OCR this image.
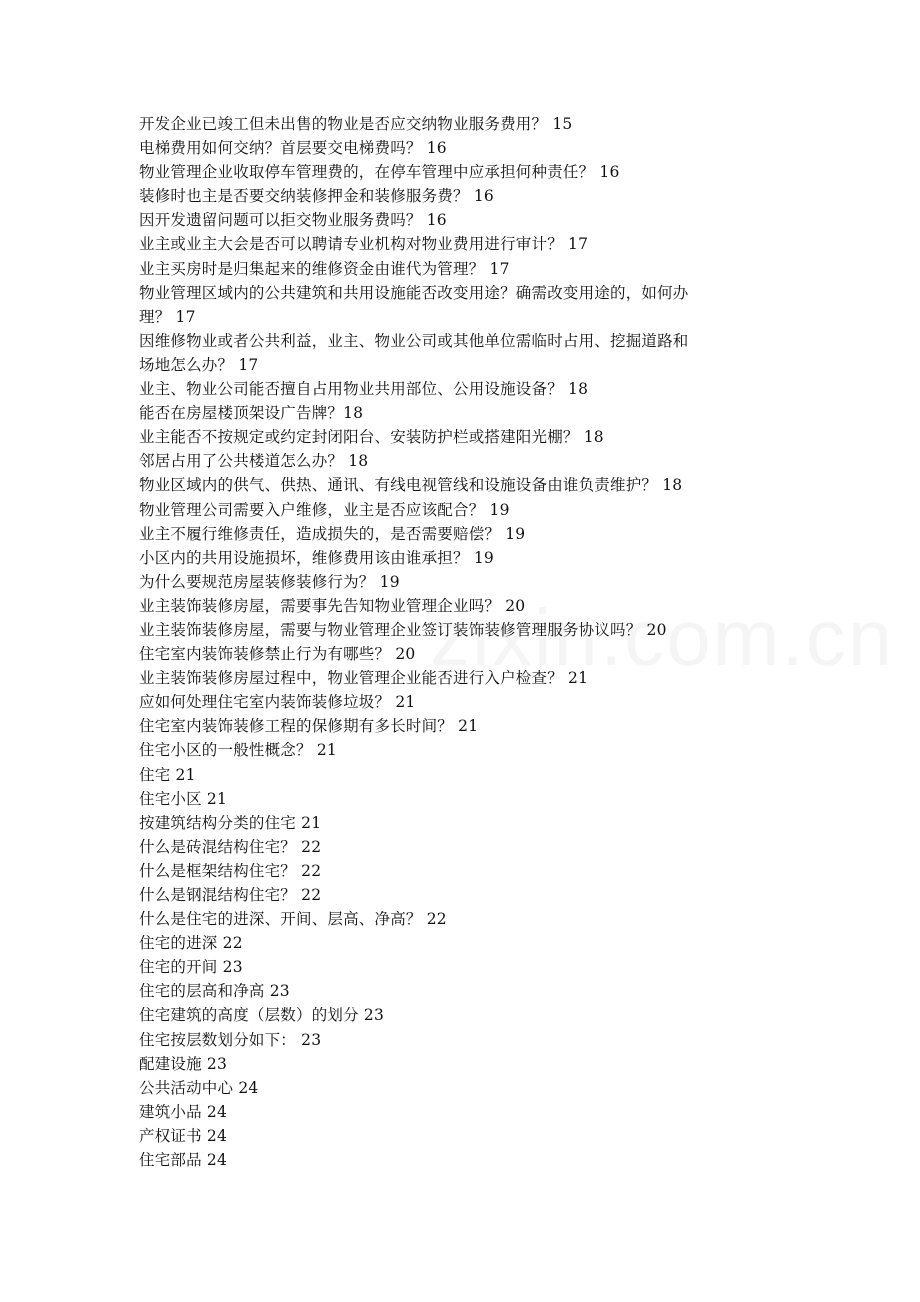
开发企业已竣工但未出售的物业是否应交纳物业服务费用？ 15
电梯费用如何交纳？首层要交电梯费吗？ 16
物业管理企业收取停车管理费的，在停车管理中应承担何种责任？ 16
装修时也主是否要交纳装修押金和装修服务费？ 16
因开发遗留问题可以拒交物业服务费吗？ 16
业主或业主大会是否可以聘请专业机构对物业费用进行审计？ 17
业主买房时是归集起来的维修资金由谁代为管理？ 17
物业管理区域内的公共建筑和共用设施能否改变用途？确需改变用途的，如何办
理？ 17
因维修物业或者公共利益，业主、物业公司或其他单位需临时占用、挖掘道路和
场地怎么办？ 17
业主、物业公司能否擅自占用物业共用部位、公用设施设备？ 18
能否在房屋楼顶架设广告牌？18
业主能否不按规定或约定封闭阳台、安装防护栏或搭建阳光棚？ 18
邻居占用了公共楼道怎么办？ 18
物业区域内的供气、供热、通讯、有线电视管线和设施设备由谁负责维护？ 18
物业管理公司需要入户维修，业主是否应该配合？ 19
业主不履行维修责任，造成损失的，是否需要赔偿？ 19
小区内的共用设施损坏，维修费用该由谁承担？ 19
为什么要规范房屋装修装修行为？ 19
业主装饰装修房屋，需要事先告知物业管理企业吗？ 20
业主装饰装修房屋，需要与物业管理企业签订装饰装修管理服务协议吗？ 20
住宅室内装饰装修禁止行为有哪些？ 20
业主装饰装修房屋过程中，物业管理企业能否进行入户检查？ 21
应如何处理住宅室内装饰装修垃圾？ 21
住宅室内装饰装修工程的保修期有多长时间？ 21
住宅小区的一般性概念？ 21
住宅 21
住宅小区 21
按建筑结构分类的住宅 21
什么是砖混结构住宅？ 22
什么是框架结构住宅？ 22
什么是钢混结构住宅？ 22
什么是住宅的进深、开间、层高、净高？ 22
住宅的进深 22
住宅的开间 23
住宅的层高和净高 23
住宅建筑的高度（层数）的划分 23
住宅按层数划分如下： 23
配建设施 23
公共活动中心 24
建筑小品 24
产权证书 24
住宅部品 24
